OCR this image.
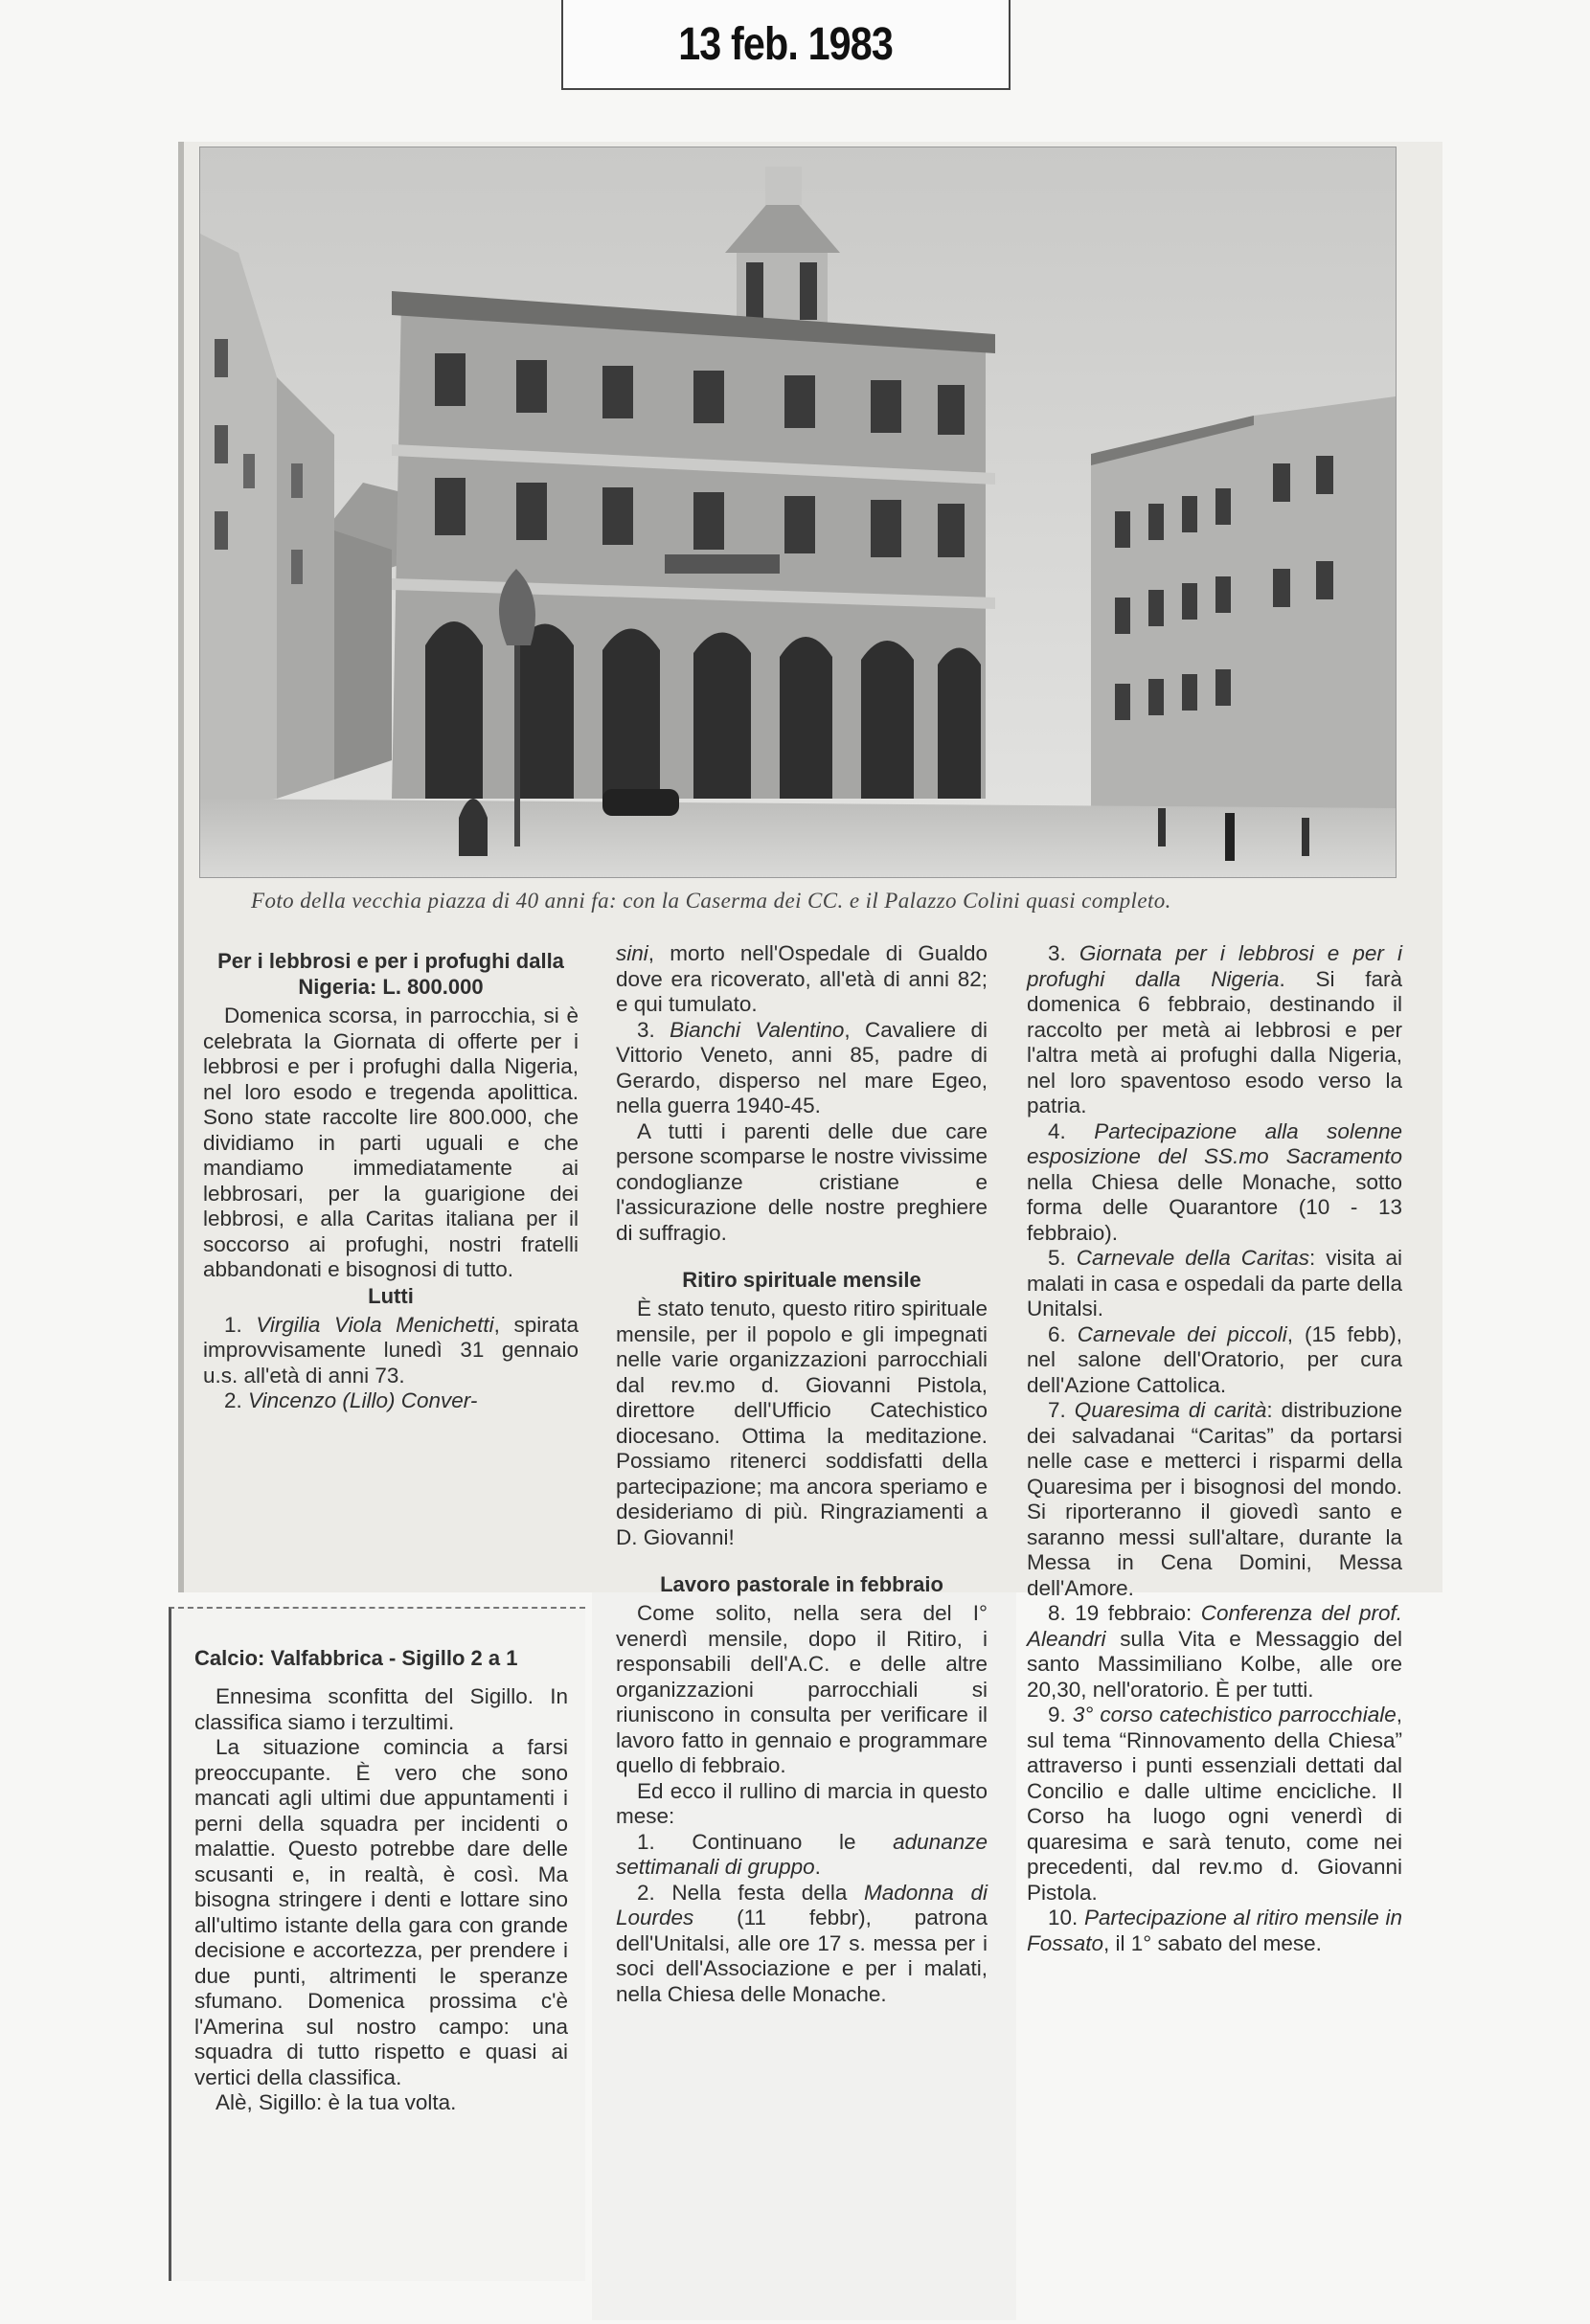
13 feb. 1983
Foto della vecchia piazza di 40 anni fa: con la Caserma dei CC. e il Palazzo Colini quasi completo.
Per i lebbrosi e per i profughi dalla Nigeria: L. 800.000

Domenica scorsa, in parrocchia, si è celebrata la Giornata di offerte per i lebbrosi e per i profughi dalla Nigeria, nel loro esodo e tregenda apolittica. Sono state raccolte lire 800.000, che dividiamo in parti uguali e che mandiamo immediatamente ai lebbrosari, per la guarigione dei lebbrosi, e alla Caritas italiana per il soccorso ai profughi, nostri fratelli abbandonati e bisognosi di tutto.

Lutti

1. Virgilia Viola Menichetti, spirata improvvisamente lunedì 31 gennaio u.s. all'età di anni 73.

2. Vincenzo (Lillo) Conver-

sini, morto nell'Ospedale di Gualdo dove era ricoverato, all'età di anni 82; e qui tumulato.

3. Bianchi Valentino, Cavaliere di Vittorio Veneto, anni 85, padre di Gerardo, disperso nel mare Egeo, nella guerra 1940-45.

A tutti i parenti delle due care persone scomparse le nostre vivissime condoglianze cristiane e l'assicurazione delle nostre preghiere di suffragio.

Ritiro spirituale mensile

È stato tenuto, questo ritiro spirituale mensile, per il popolo e gli impegnati nelle varie organizzazioni parrocchiali dal rev.mo d. Giovanni Pistola, direttore dell'Ufficio Catechistico diocesano. Ottima la meditazione. Possiamo ritenerci soddisfatti della partecipazione; ma ancora speriamo e desideriamo di più. Ringraziamenti a D. Giovanni!

Lavoro pastorale in febbraio

Come solito, nella sera del I° venerdì mensile, dopo il Ritiro, i responsabili dell'A.C. e delle altre organizzazioni parrocchiali si riuniscono in consulta per verificare il lavoro fatto in gennaio e programmare quello di febbraio.

Ed ecco il rullino di marcia in questo mese:

1. Continuano le adunanze settimanali di gruppo.

2. Nella festa della Madonna di Lourdes (11 febbr), patrona dell'Unitalsi, alle ore 17 s. messa per i soci dell'Associazione e per i malati, nella Chiesa delle Monache.

3. Giornata per i lebbrosi e per i profughi dalla Nigeria. Si farà domenica 6 febbraio, destinando il raccolto per metà ai lebbrosi e per l'altra metà ai profughi dalla Nigeria, nel loro spaventoso esodo verso la patria.

4. Partecipazione alla solenne esposizione del SS.mo Sacramento nella Chiesa delle Monache, sotto forma delle Quarantore (10 - 13 febbraio).

5. Carnevale della Caritas: visita ai malati in casa e ospedali da parte della Unitalsi.

6. Carnevale dei piccoli, (15 febb), nel salone dell'Oratorio, per cura dell'Azione Cattolica.

7. Quaresima di carità: distribuzione dei salvadanai “Caritas” da portarsi nelle case e metterci i risparmi della Quaresima per i bisognosi del mondo. Si riporteranno il giovedì santo e saranno messi sull'altare, durante la Messa in Cena Domini, Messa dell'Amore.

8. 19 febbraio: Conferenza del prof. Aleandri sulla Vita e Messaggio del santo Massimiliano Kolbe, alle ore 20,30, nell'oratorio. È per tutti.

9. 3° corso catechistico parrocchiale, sul tema “Rinnovamento della Chiesa” attraverso i punti essenziali dettati dal Concilio e dalle ultime encicliche. Il Corso ha luogo ogni venerdì di quaresima e sarà tenuto, come nei precedenti, dal rev.mo d. Giovanni Pistola.

10. Partecipazione al ritiro mensile in Fossato, il 1° sabato del mese.

Calcio: Valfabbrica - Sigillo 2 a 1

Ennesima sconfitta del Sigillo. In classifica siamo i terzultimi.

La situazione comincia a farsi preoccupante. È vero che sono mancati agli ultimi due appuntamenti i perni della squadra per incidenti o malattie. Questo potrebbe dare delle scusanti e, in realtà, è così. Ma bisogna stringere i denti e lottare sino all'ultimo istante della gara con grande decisione e accortezza, per prendere i due punti, altrimenti le speranze sfumano. Domenica prossima c'è l'Amerina sul nostro campo: una squadra di tutto rispetto e quasi ai vertici della classifica.

Alè, Sigillo: è la tua volta.
